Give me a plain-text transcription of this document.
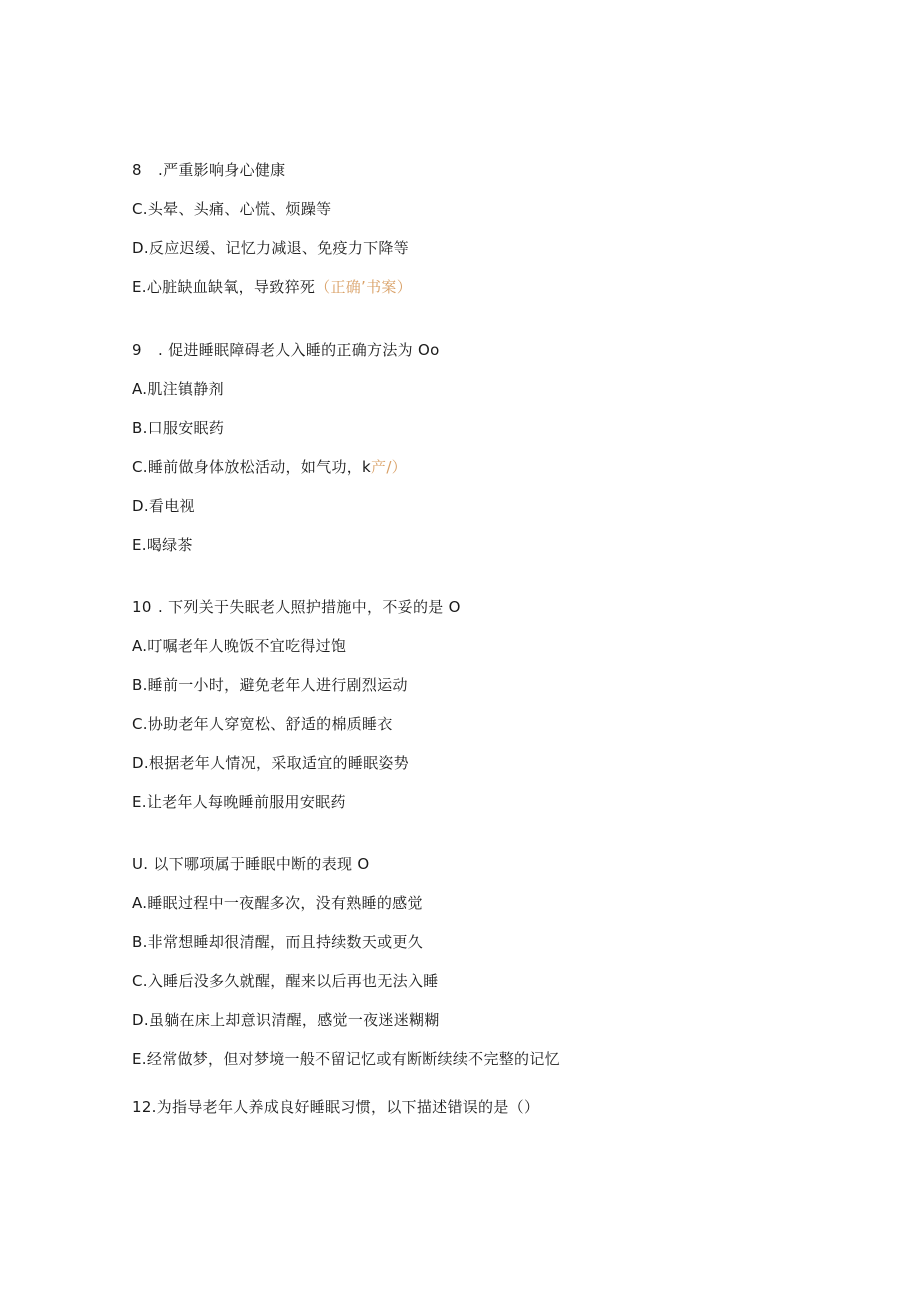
8 .严重影响身心健康
C.头晕、头痛、心慌、烦躁等
D.反应迟缓、记忆力减退、免疫力下降等
E.心脏缺血缺氧，导致猝死（正确’书案）
9 . 促进睡眠障碍老人入睡的正确方法为 Oo
A.肌注镇静剂
B.口服安眠药
C.睡前做身体放松活动，如气功，k产/）
D.看电视
E.喝绿茶
10 . 下列关于失眠老人照护措施中，不妥的是 O
A.叮嘱老年人晚饭不宜吃得过饱
B.睡前一小时，避免老年人进行剧烈运动
C.协助老年人穿宽松、舒适的棉质睡衣
D.根据老年人情况，采取适宜的睡眠姿势
E.让老年人每晚睡前服用安眠药
U. 以下哪项属于睡眠中断的表现 O
A.睡眠过程中一夜醒多次，没有熟睡的感觉
B.非常想睡却很清醒，而且持续数天或更久
C.入睡后没多久就醒，醒来以后再也无法入睡
D.虽躺在床上却意识清醒，感觉一夜迷迷糊糊
E.经常做梦，但对梦境一般不留记忆或有断断续续不完整的记忆
12.为指导老年人养成良好睡眠习惯，以下描述错误的是（）
